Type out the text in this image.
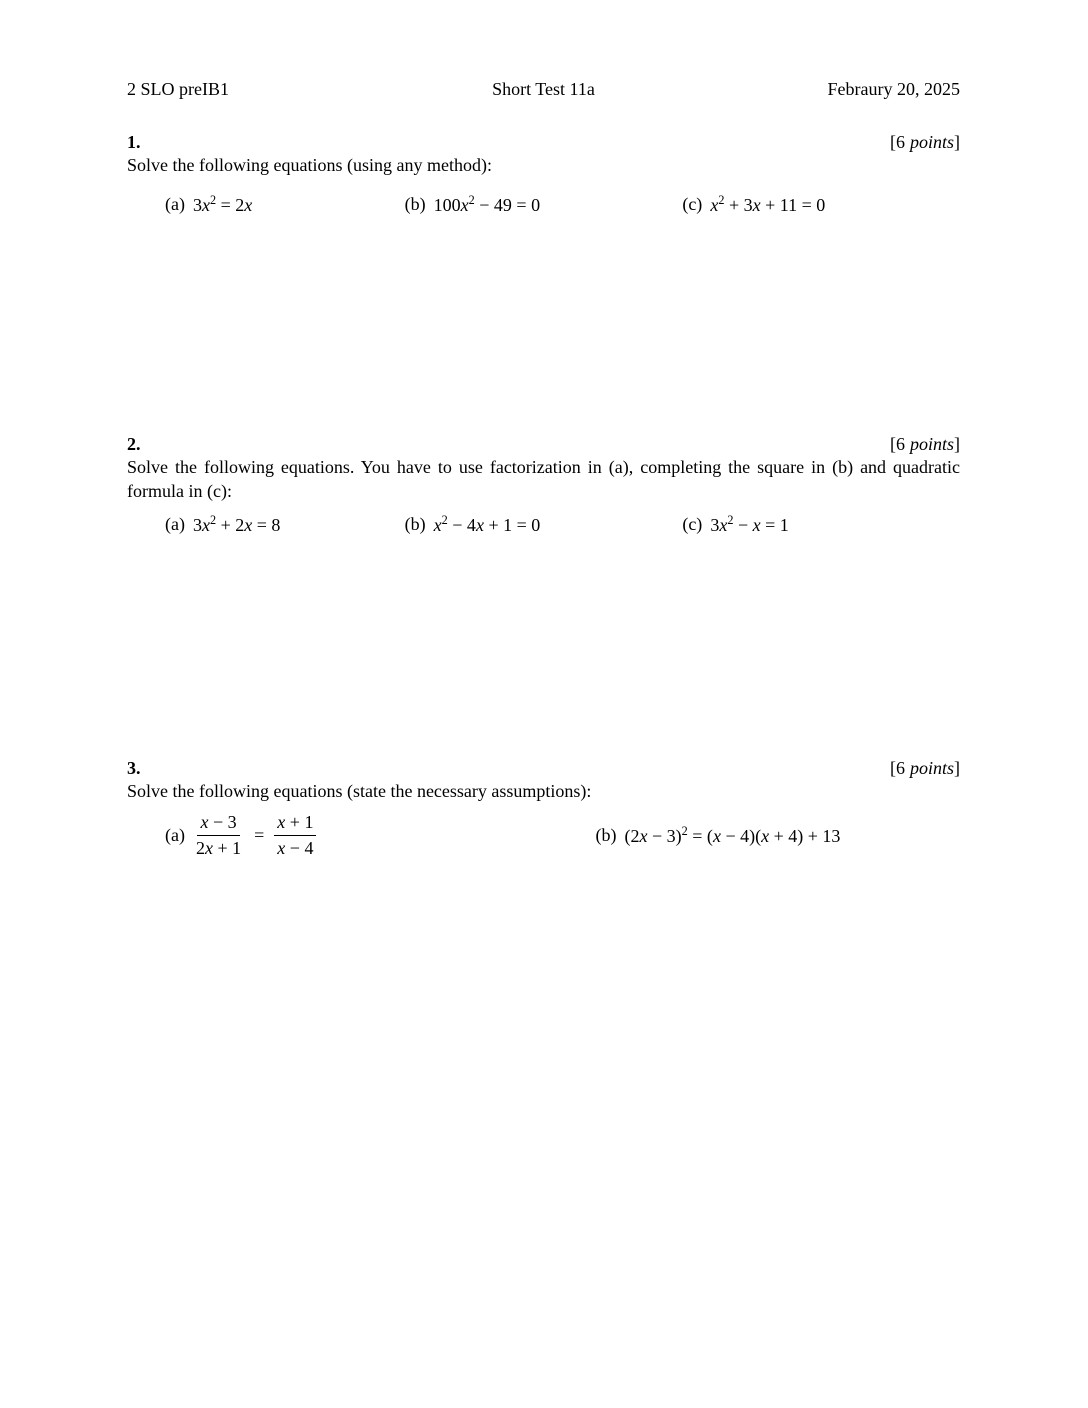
2 SLO preIB1	Short Test 11a	Febraury 20, 2025
1.	[6 points]
Solve the following equations (using any method):
(a) $3x^2 = 2x$	(b) $100x^2 - 49 = 0$	(c) $x^2 + 3x + 11 = 0$
2.	[6 points]
Solve the following equations. You have to use factorization in (a), completing the square in (b) and quadratic formula in (c):
(a) $3x^2 + 2x = 8$	(b) $x^2 - 4x + 1 = 0$	(c) $3x^2 - x = 1$
3.	[6 points]
Solve the following equations (state the necessary assumptions):
$(a) \frac{x - 3}{2x + 1} = \frac{x + 1}{x - 4}$	(b) $(2x - 3)^2 = (x - 4)(x + 4) + 13$
